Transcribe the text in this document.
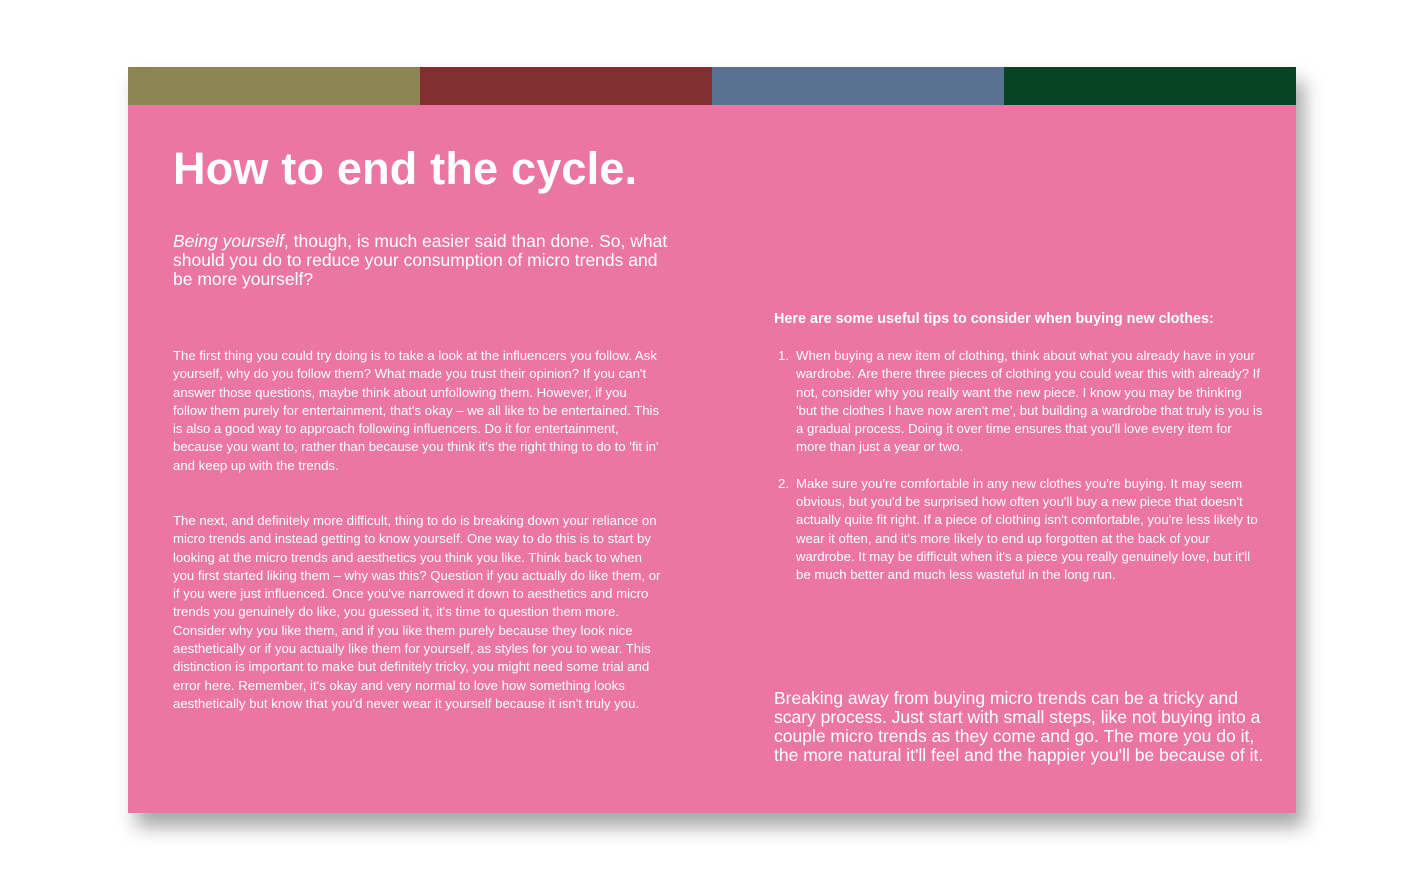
How to end the cycle.

Being yourself, though, is much easier said than done. So, what should you do to reduce your consumption of micro trends and be more yourself?

The first thing you could try doing is to take a look at the influencers you follow. Ask yourself, why do you follow them? What made you trust their opinion? If you can't answer those questions, maybe think about unfollowing them. However, if you follow them purely for entertainment, that's okay – we all like to be entertained. This is also a good way to approach following influencers. Do it for entertainment, because you want to, rather than because you think it's the right thing to do to 'fit in' and keep up with the trends.

The next, and definitely more difficult, thing to do is breaking down your reliance on micro trends and instead getting to know yourself. One way to do this is to start by looking at the micro trends and aesthetics you think you like. Think back to when you first started liking them – why was this? Question if you actually do like them, or if you were just influenced. Once you've narrowed it down to aesthetics and micro trends you genuinely do like, you guessed it, it's time to question them more. Consider why you like them, and if you like them purely because they look nice aesthetically or if you actually like them for yourself, as styles for you to wear. This distinction is important to make but definitely tricky, you might need some trial and error here. Remember, it's okay and very normal to love how something looks aesthetically but know that you'd never wear it yourself because it isn't truly you.

Here are some useful tips to consider when buying new clothes:

1. When buying a new item of clothing, think about what you already have in your wardrobe. Are there three pieces of clothing you could wear this with already? If not, consider why you really want the new piece. I know you may be thinking 'but the clothes I have now aren't me', but building a wardrobe that truly is you is a gradual process. Doing it over time ensures that you'll love every item for more than just a year or two.
2. Make sure you're comfortable in any new clothes you're buying. It may seem obvious, but you'd be surprised how often you'll buy a new piece that doesn't actually quite fit right. If a piece of clothing isn't comfortable, you're less likely to wear it often, and it's more likely to end up forgotten at the back of your wardrobe. It may be difficult when it's a piece you really genuinely love, but it'll be much better and much less wasteful in the long run.

Breaking away from buying micro trends can be a tricky and scary process. Just start with small steps, like not buying into a couple micro trends as they come and go. The more you do it, the more natural it'll feel and the happier you'll be because of it.
